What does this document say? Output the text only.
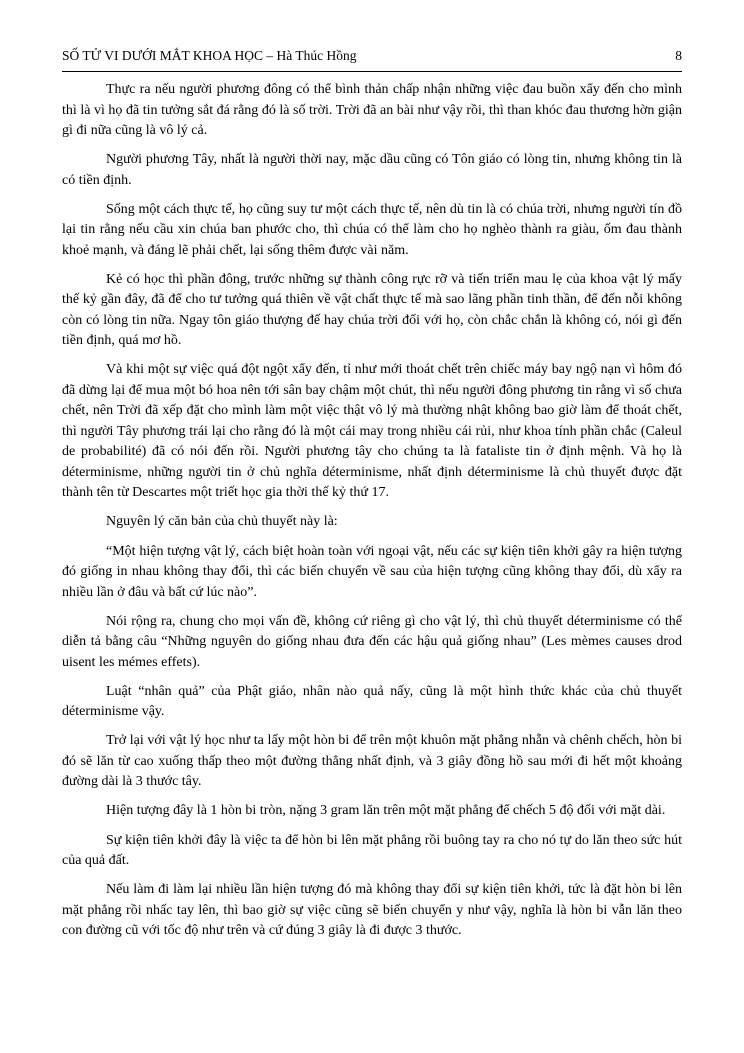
SỐ TỬ VI DƯỚI MẮT KHOA HỌC – Hà Thúc Hồng	8

Thực ra nếu người phương đông có thể bình thản chấp nhận những việc đau buồn xẩy đến cho mình thì là vì họ đã tin tưởng sắt đá rằng đó là số trời. Trời đã an bài như vậy rồi, thì than khóc đau thương hờn giận gì đi nữa cũng là vô lý cả.

Người phương Tây, nhất là người thời nay, mặc dầu cũng có Tôn giáo có lòng tin, nhưng không tin là có tiền định.

Sống một cách thực tế, họ cũng suy tư một cách thực tế, nên dù tin là có chúa trời, nhưng người tín đồ lại tin rằng nếu cầu xin chúa ban phước cho, thì chúa có thể làm cho họ nghèo thành ra giàu, ốm đau thành khoẻ mạnh, và đáng lẽ phải chết, lại sống thêm được vài năm.

Kẻ có học thì phần đông, trước những sự thành công rực rỡ và tiến triển mau lẹ của khoa vật lý mấy thế kỷ gần đây, đã để cho tư tưởng quá thiên về vật chất thực tế mà sao lãng phần tinh thần, để đến nỗi không còn có lòng tin nữa. Ngay tôn giáo thượng đế hay chúa trời đối với họ, còn chắc chắn là không có, nói gì đến tiền định, quá mơ hồ.

Và khi một sự việc quá đột ngột xẩy đến, tỉ như mới thoát chết trên chiếc máy bay ngộ nạn vì hôm đó đã dừng lại để mua một bó hoa nên tới sân bay chậm một chút, thì nếu người đông phương tin rằng vì số chưa chết, nên Trời đã xếp đặt cho mình làm một việc thật vô lý mà thường nhật không bao giờ làm để thoát chết, thì người Tây phương trái lại cho rằng đó là một cái may trong nhiều cái rủi, như khoa tính phần chắc (Caleul de probabilité) đã có nói đến rồi. Người phương tây cho chúng ta là fataliste tin ở định mệnh. Và họ là déterminisme, những người tin ở chủ nghĩa déterminisme, nhất định déterminisme là chủ thuyết được đặt thành tên từ Descartes một triết học gia thời thế kỷ thứ 17.

Nguyên lý căn bản của chủ thuyết này là:

“Một hiện tượng vật lý, cách biệt hoàn toàn với ngoại vật, nếu các sự kiện tiên khởi gây ra hiện tượng đó giống in nhau không thay đổi, thì các biến chuyển về sau của hiện tượng cũng không thay đổi, dù xẩy ra nhiều lần ở đâu và bất cứ lúc nào”.

Nói rộng ra, chung cho mọi vấn đề, không cứ riêng gì cho vật lý, thì chủ thuyết déterminisme có thể diễn tả bằng câu “Những nguyên do giống nhau đưa đến các hậu quả giống nhau” (Les mèmes causes drod uisent les mémes effets).

Luật “nhân quả” của Phật giáo, nhân nào quả nấy, cũng là một hình thức khác của chủ thuyết déterminisme vậy.

Trở lại với vật lý học như ta lấy một hòn bi để trên một khuôn mặt phẳng nhẵn và chênh chếch, hòn bi đó sẽ lăn từ cao xuống thấp theo một đường thẳng nhất định, và 3 giây đồng hồ sau mới đi hết một khoảng đường dài là 3 thước tây.

Hiện tượng đây là 1 hòn bi tròn, nặng 3 gram lăn trên một mặt phẳng để chếch 5 độ đối với mặt dài.

Sự kiện tiên khởi đây là việc ta để hòn bi lên mặt phẳng rồi buông tay ra cho nó tự do lăn theo sức hút của quả đất.

Nếu làm đi làm lại nhiều lần hiện tượng đó mà không thay đổi sự kiện tiên khởi, tức là đặt hòn bi lên mặt phẳng rồi nhấc tay lên, thì bao giờ sự việc cũng sẽ biến chuyển y như vậy, nghĩa là hòn bi vẫn lăn theo con đường cũ với tốc độ như trên và cứ đúng 3 giây là đi được 3 thước.
